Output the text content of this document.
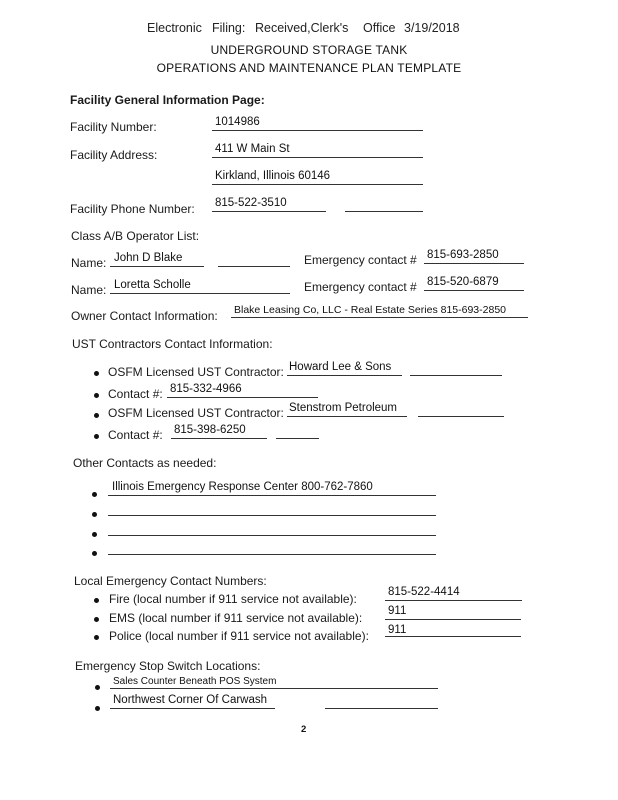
Electronic Filing: Received,Clerk's Office 3/19/2018
UNDERGROUND STORAGE TANK
OPERATIONS AND MAINTENANCE PLAN TEMPLATE
Facility General Information Page:
Facility Number:	1014986
Facility Address:	411 W Main St
Kirkland, Illinois 60146
Facility Phone Number: 815-522-3510
Class A/B Operator List:
Name: John D Blake	Emergency contact # 815-693-2850
Name: Loretta Scholle	Emergency contact # 815-520-6879
Owner Contact Information: Blake Leasing Co, LLC - Real Estate Series 815-693-2850
UST Contractors Contact Information:
OSFM Licensed UST Contractor: Howard Lee & Sons
Contact #: 815-332-4966
OSFM Licensed UST Contractor: Stenstrom Petroleum
Contact #: 815-398-6250
Other Contacts as needed:
Illinois Emergency Response Center 800-762-7860
Local Emergency Contact Numbers:
Fire (local number if 911 service not available):	815-522-4414
EMS (local number if 911 service not available): 911
Police (local number if 911 service not available): 911
Emergency Stop Switch Locations:
Sales Counter Beneath POS System
Northwest Corner Of Carwash
2
